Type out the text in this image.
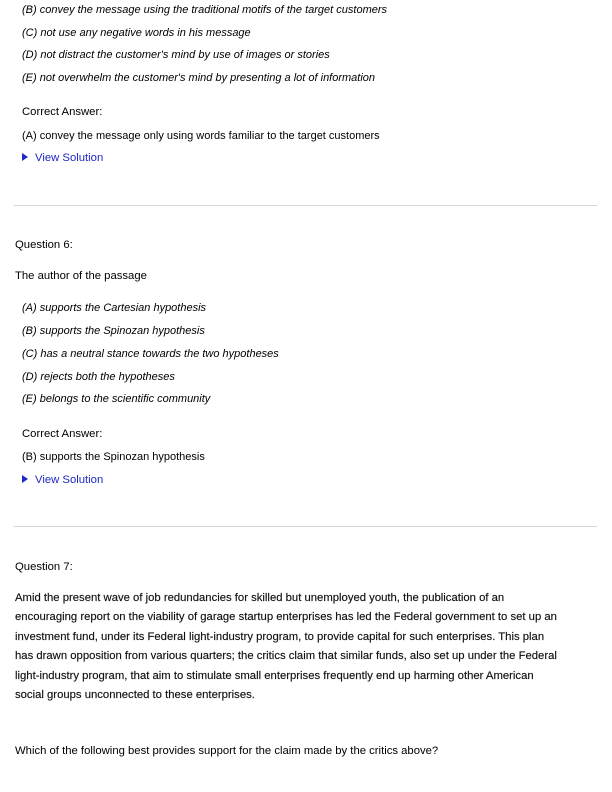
(B) convey the message using the traditional motifs of the target customers
(C) not use any negative words in his message
(D) not distract the customer's mind by use of images or stories
(E) not overwhelm the customer's mind by presenting a lot of information
Correct Answer:
(A) convey the message only using words familiar to the target customers
View Solution
Question 6:
The author of the passage
(A) supports the Cartesian hypothesis
(B) supports the Spinozan hypothesis
(C) has a neutral stance towards the two hypotheses
(D) rejects both the hypotheses
(E) belongs to the scientific community
Correct Answer:
(B) supports the Spinozan hypothesis
View Solution
Question 7:
Amid the present wave of job redundancies for skilled but unemployed youth, the publication of an
encouraging report on the viability of garage startup enterprises has led the Federal government to set up an
investment fund, under its Federal light-industry program, to provide capital for such enterprises. This plan
has drawn opposition from various quarters; the critics claim that similar funds, also set up under the Federal
light-industry program, that aim to stimulate small enterprises frequently end up harming other American
social groups unconnected to these enterprises.
Which of the following best provides support for the claim made by the critics above?
